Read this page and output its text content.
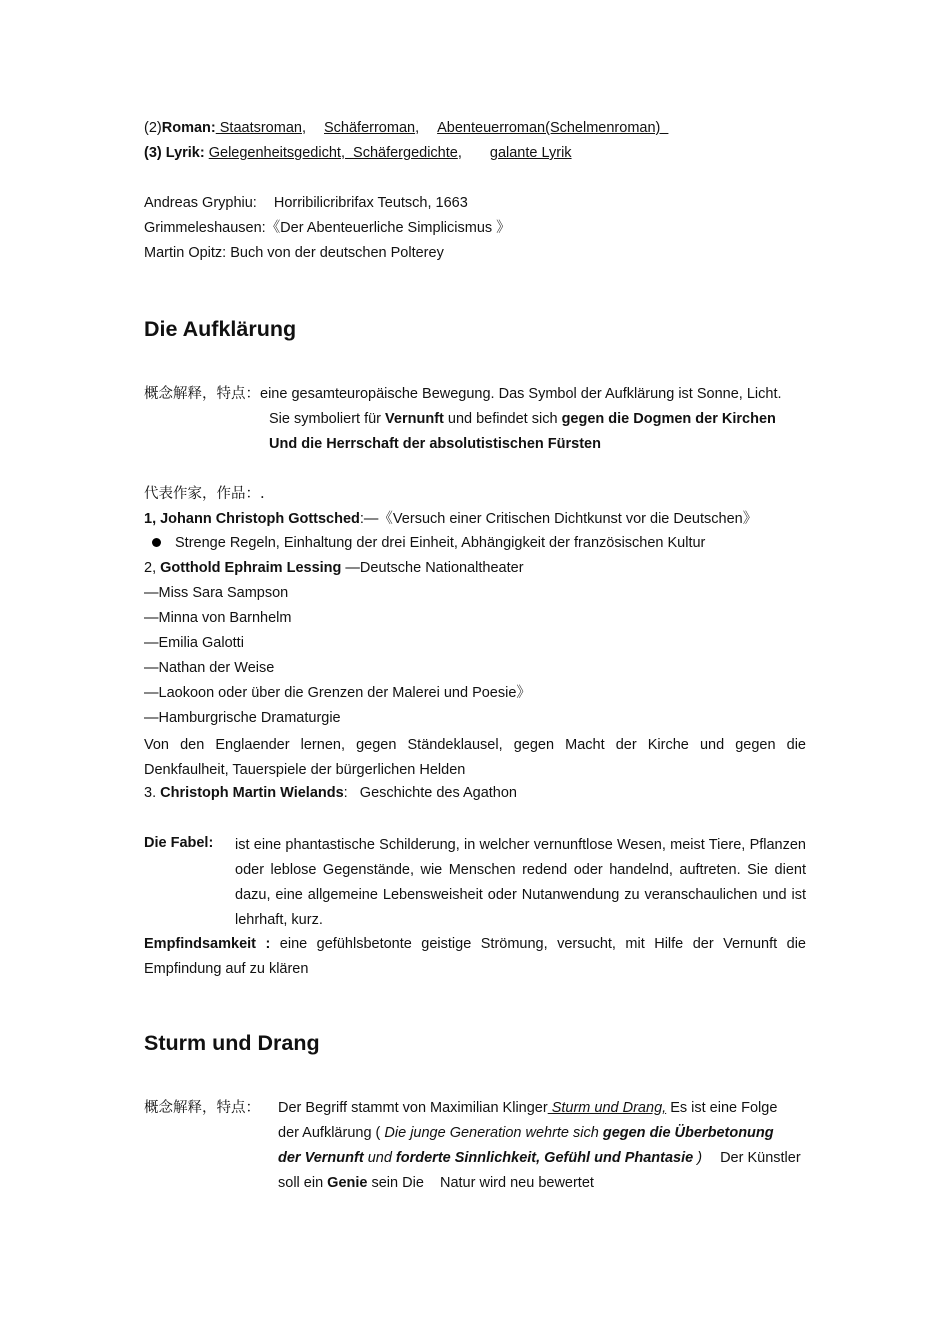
(2)Roman: Staatsroman, Schäferroman, Abenteuerroman(Schelmenroman)
(3) Lyrik: Gelegenheitsgedicht,  Schäfergedichte, galante Lyrik
Andreas Gryphiu: Horribilicribrifax Teutsch, 1663
Grimmeleshausen:《Der Abenteuerliche Simplicismus 》
Martin Opitz: Buch von der deutschen Polterey
Die Aufklärung
概念解释，特点：eine gesamteuropäische Bewegung. Das Symbol der Aufklärung ist Sonne, Licht.
Sie symboliert für Vernunft und befindet sich gegen die Dogmen der Kirchen
Und die Herrschaft der absolutistischen Fürsten
代表作家，作品：.
1, Johann Christoph Gottsched:—《Versuch einer Critischen Dichtkunst vor die Deutschen》
Strenge Regeln, Einhaltung der drei Einheit, Abhängigkeit der französischen Kultur
2, Gotthold Ephraim Lessing —Deutsche Nationaltheater
—Miss Sara Sampson
—Minna von Barnhelm
—Emilia Galotti
—Nathan der Weise
—Laokoon oder über die Grenzen der Malerei und Poesie》
—Hamburgrische Dramaturgie
Von den Englaender lernen, gegen Ständeklausel, gegen Macht der Kirche und gegen die Denkfaulheit, Tauerspiele der bürgerlichen Helden
3. Christoph Martin Wielands:   Geschichte des Agathon
Die Fabel: ist eine phantastische Schilderung, in welcher vernunftlose Wesen, meist Tiere, Pflanzen oder leblose Gegenstände, wie Menschen redend oder handelnd, auftreten. Sie dient dazu, eine allgemeine Lebensweisheit oder Nutanwendung zu veranschaulichen und ist lehrhaft, kurz.
Empfindsamkeit : eine gefühlsbetonte geistige Strömung, versucht, mit Hilfe der Vernunft die Empfindung auf zu klären
Sturm und Drang
概念解释，特点： Der Begriff stammt von Maximilian Klinger Sturm und Drang, Es ist eine Folge
der Aufklärung ( Die junge Generation wehrte sich gegen die Überbetonung
der Vernunft und forderte Sinnlichkeit, Gefühl und Phantasie ) Der Künstler
soll ein Genie sein Die    Natur wird neu bewertet
